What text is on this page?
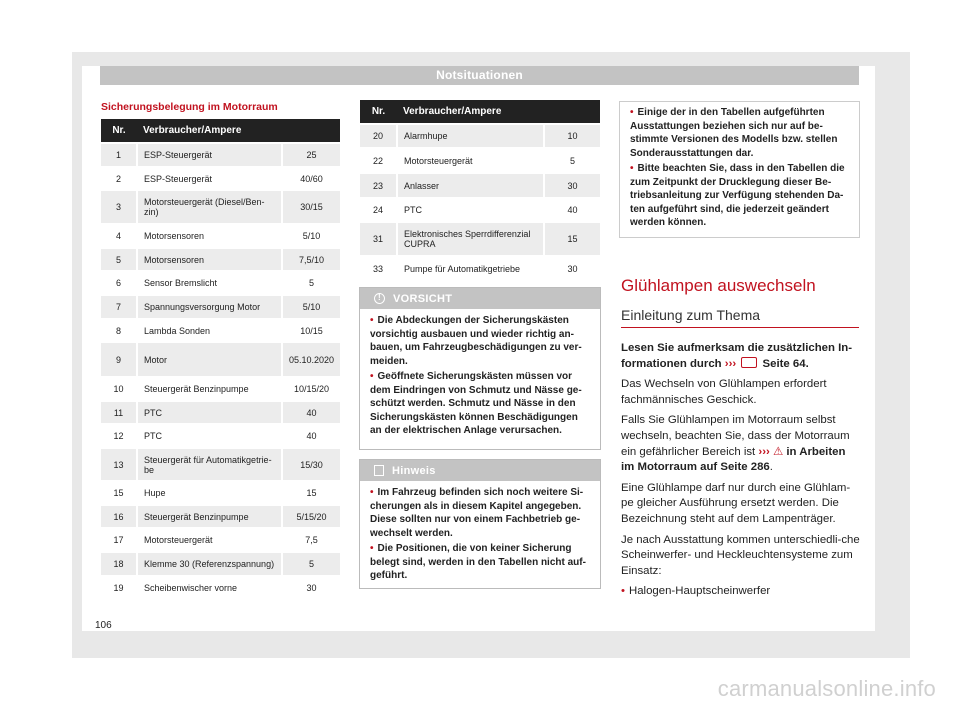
Notsituationen
Sicherungsbelegung im Motorraum
Nr.	Verbraucher/Ampere	
1	ESP-Steuergerät	25
2	ESP-Steuergerät	40/60
3	Motorsteuergerät (Diesel/Ben-zin)	30/15
4	Motorsensoren	5/10
5	Motorsensoren	7,5/10
6	Sensor Bremslicht	5
7	Spannungsversorgung Motor	5/10
8	Lambda Sonden	10/15
9	Motor	05.10.2020
10	Steuergerät Benzinpumpe	10/15/20
11	PTC	40
12	PTC	40
13	Steuergerät für Automatikgetrie-be	15/30
15	Hupe	15
16	Steuergerät Benzinpumpe	5/15/20
17	Motorsteuergerät	7,5
18	Klemme 30 (Referenzspannung)	5
19	Scheibenwischer vorne	30
Nr.	Verbraucher/Ampere	
20	Alarmhupe	10
22	Motorsteuergerät	5
23	Anlasser	30
24	PTC	40
31	Elektronisches Sperrdifferenzial CUPRA	15
33	Pumpe für Automatikgetriebe	30
!	VORSICHT

• Die Abdeckungen der Sicherungskästen vorsichtig ausbauen und wieder richtig an-bauen, um Fahrzeugbeschädigungen zu ver-meiden.

• Geöffnete Sicherungskästen müssen vor dem Eindringen von Schmutz und Nässe ge-schützt werden. Schmutz und Nässe in den Sicherungskästen können Beschädigungen an der elektrischen Anlage verursachen.

Hinweis

• Im Fahrzeug befinden sich noch weitere Si-cherungen als in diesem Kapitel angegeben. Diese sollten nur von einem Fachbetrieb ge-wechselt werden.

• Die Positionen, die von keiner Sicherung belegt sind, werden in den Tabellen nicht auf-geführt.

• Einige der in den Tabellen aufgeführten Ausstattungen beziehen sich nur auf be-stimmte Versionen des Modells bzw. stellen Sonderausstattungen dar.

• Bitte beachten Sie, dass in den Tabellen die zum Zeitpunkt der Drucklegung dieser Be-triebsanleitung zur Verfügung stehenden Da-ten aufgeführt sind, die jederzeit geändert werden können.

Glühlampen auswechseln
Einleitung zum Thema

Lesen Sie aufmerksam die zusätzlichen In-formationen durch ››› Seite 64.

Das Wechseln von Glühlampen erfordert fachmännisches Geschick.

Falls Sie Glühlampen im Motorraum selbst wechseln, beachten Sie, dass der Motorraum ein gefährlicher Bereich ist ››› ⚠ in Arbeiten im Motorraum auf Seite 286.

Eine Glühlampe darf nur durch eine Glühlam-pe gleicher Ausführung ersetzt werden. Die Bezeichnung steht auf dem Lampenträger.

Je nach Ausstattung kommen unterschiedli-che Scheinwerfer- und Heckleuchtensysteme zum Einsatz:

• Halogen-Hauptscheinwerfer

106
carmanualsonline.info
